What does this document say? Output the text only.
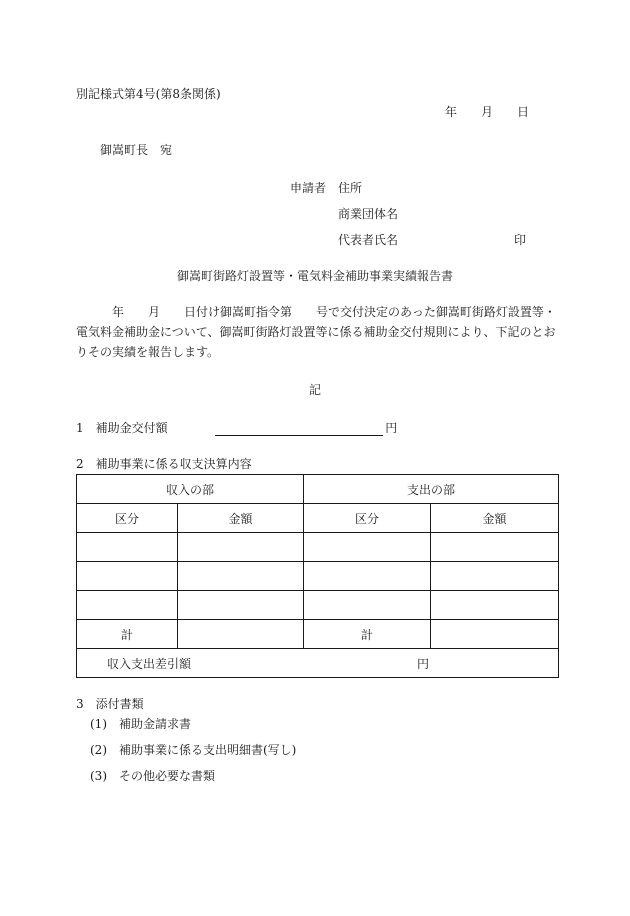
別記様式第4号(第8条関係)
年　　月　　日
御嵩町長　宛
申請者 住所
商業団体名
代表者氏名	印
御嵩町街路灯設置等・電気料金補助事業実績報告書
　　　年　　月　　日付け御嵩町指令第　　号で交付決定のあった御嵩町街路灯設置等・電気料金補助金について、御嵩町街路灯設置等に係る補助金交付規則により、下記のとおりその実績を報告します。
記
1　補助金交付額	円
2　補助事業に係る収支決算内容
収入の部		支出の部	
区分	金額	区分	金額

計		計	

収入支出差引額 円			
3　添付書類
(1)　補助金請求書
(2)　補助事業に係る支出明細書(写し)
(3)　その他必要な書類
